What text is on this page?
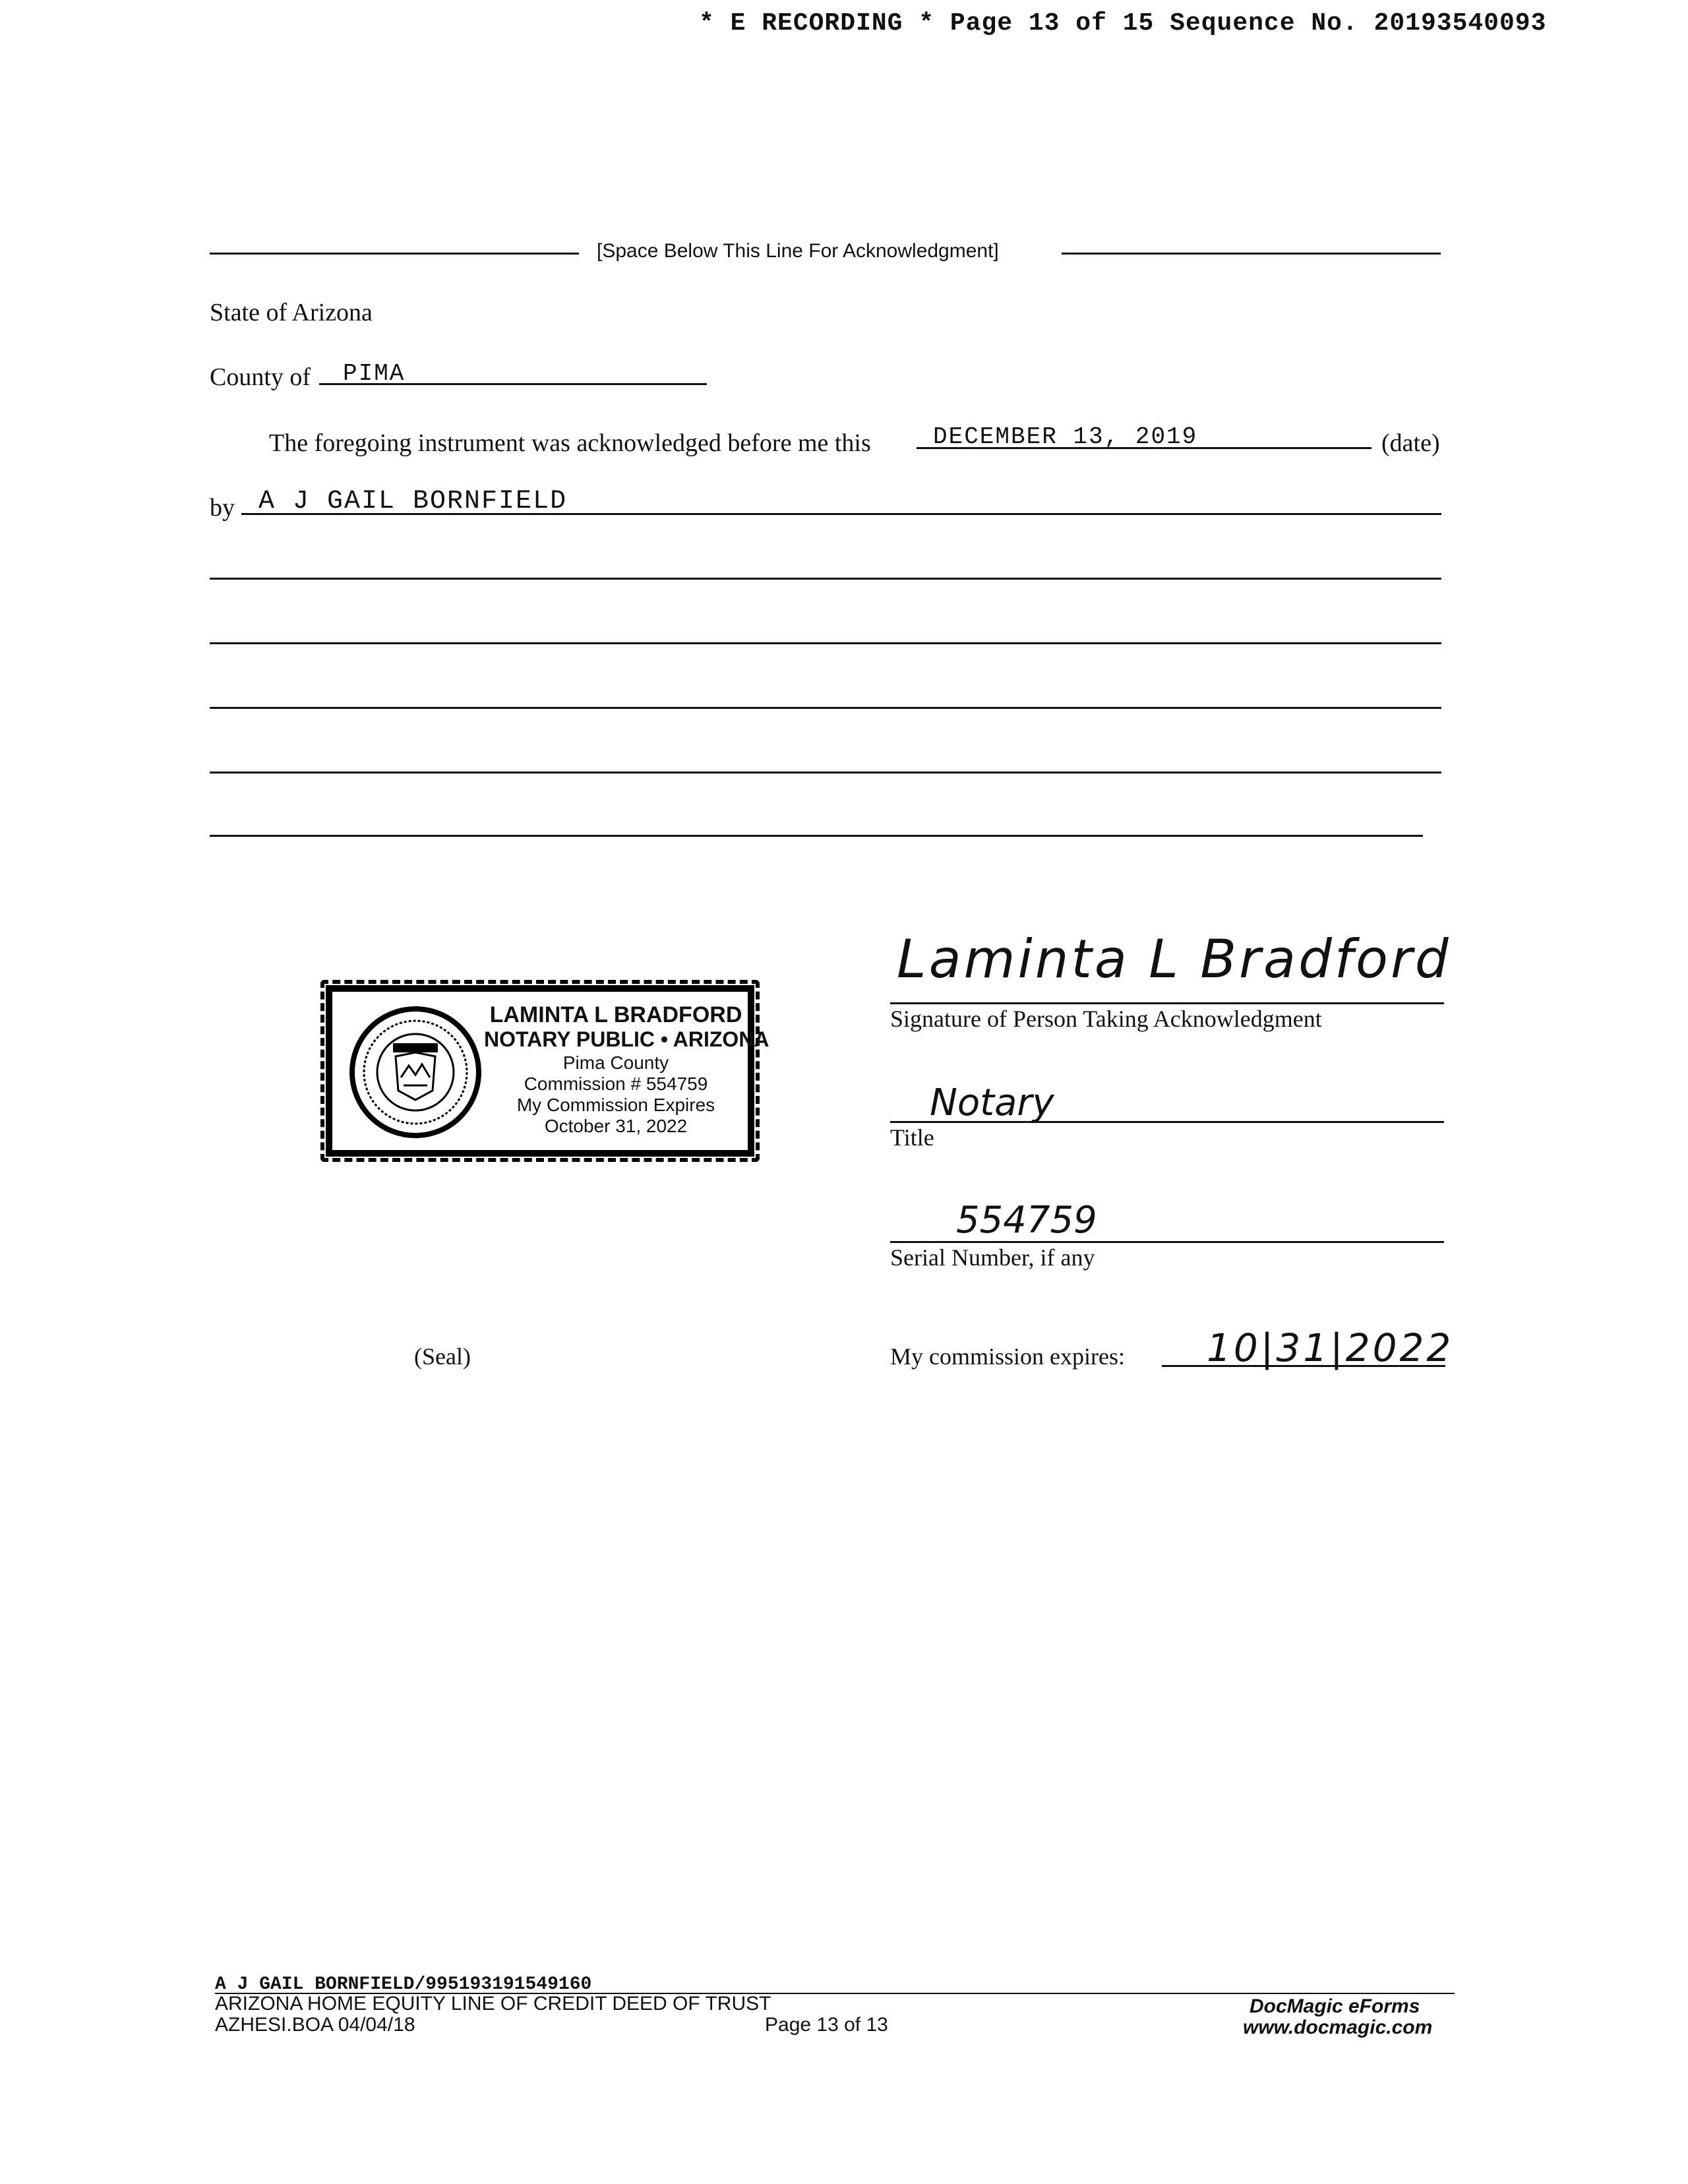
* E RECORDING * Page 13 of 15 Sequence No. 20193540093
[Space Below This Line For Acknowledgment]
State of Arizona
County of PIMA
The foregoing instrument was acknowledged before me this	DECEMBER 13, 2019	(date)
by A J GAIL BORNFIELD
LAMINTA L BRADFORD
NOTARY PUBLIC • ARIZONA
Pima County
Commission # 554759
My Commission Expires
October 31, 2022
Laminta L Bradford
Signature of Person Taking Acknowledgment
Notary
Title
554759
Serial Number, if any
(Seal)	My commission expires: 10|31|2022
A J GAIL BORNFIELD/995193191549160
ARIZONA HOME EQUITY LINE OF CREDIT DEED OF TRUST
AZHESI.BOA 04/04/18	Page 13 of 13
DocMagic eForms
www.docmagic.com
